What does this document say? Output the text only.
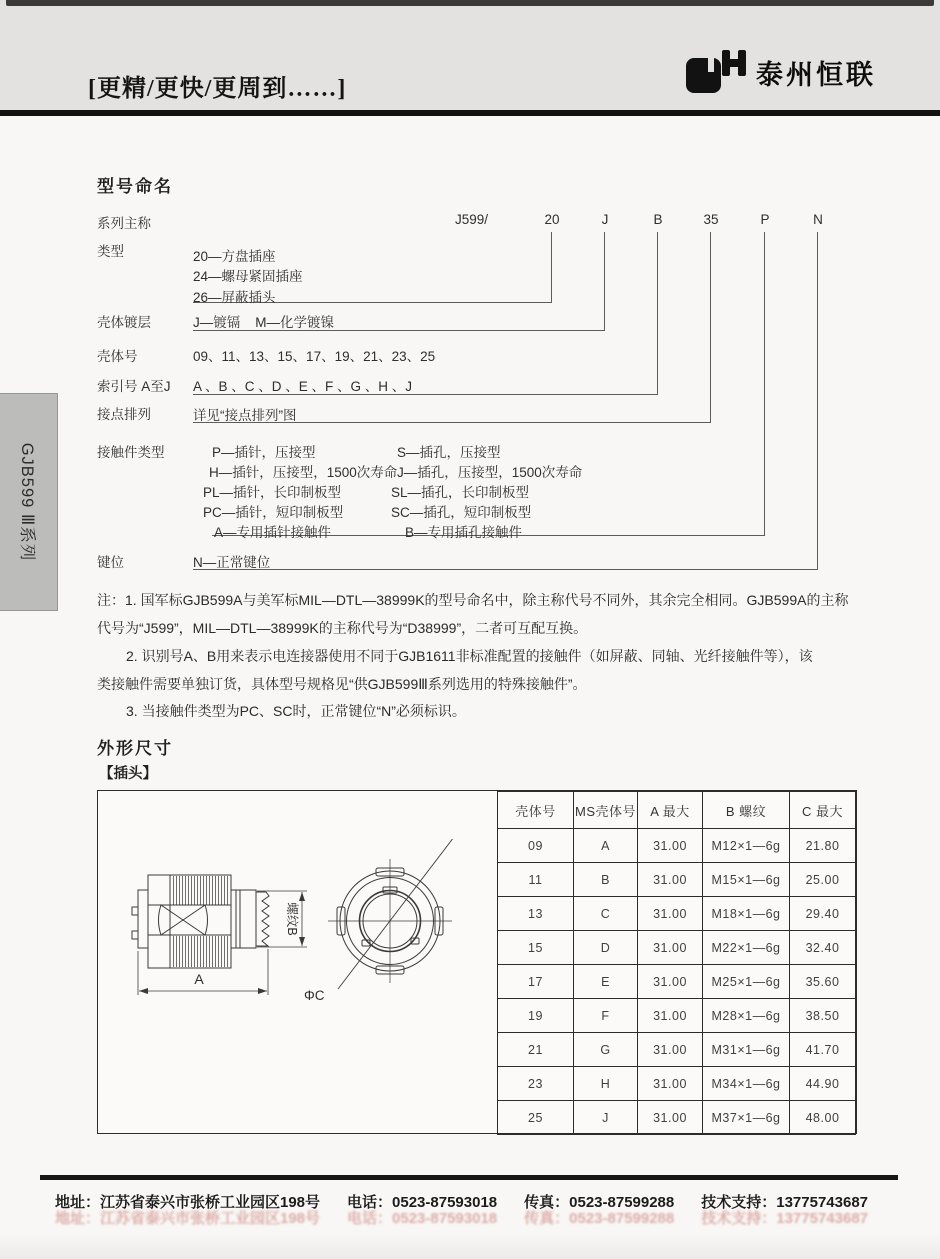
[更精/更快/更周到……]	泰州恒联
GJB599 Ⅲ系列
型号命名
系列主称	J599/	20	J	B	35	P	N
类型	20—方盘插座
24—螺母紧固插座
26—屏蔽插头
壳体镀层	J—镀镉    M—化学镀镍
壳体号	09、11、13、15、17、19、21、23、25
索引号 A至J A 、B 、C 、D 、E 、F 、G 、H 、J
接点排列	详见“接点排列”图
接触件类型	P—插针，压接型	S—插孔，压接型
H—插针，压接型，1500次寿命 J—插孔，压接型，1500次寿命
PL—插针，长印制板型	SL—插孔，长印制板型
PC—插针，短印制板型	SC—插孔，短印制板型
A—专用插针接触件	B—专用插孔接触件
键位	N—正常键位
注：1. 国军标GJB599A与美军标MIL—DTL—38999K的型号命名中，除主称代号不同外，其余完全相同。GJB599A的主称
代号为“J599”，MIL—DTL—38999K的主称代号为“D38999”，二者可互配互换。
2. 识别号A、B用来表示电连接器使用不同于GJB1611非标准配置的接触件（如屏蔽、同轴、光纤接触件等），该
类接触件需要单独订货，具体型号规格见“供GJB599Ⅲ系列选用的特殊接触件”。
3. 当接触件类型为PC、SC时，正常键位“N”必须标识。
外形尺寸
【插头】
A
螺纹B
ΦC
壳体号	MS壳体号	A 最大	B 螺纹	C 最大
09	A	31.00	M12×1—6g	21.80
11	B	31.00	M15×1—6g	25.00
13	C	31.00	M18×1—6g	29.40
15	D	31.00	M22×1—6g	32.40
17	E	31.00	M25×1—6g	35.60
19	F	31.00	M28×1—6g	38.50
21	G	31.00	M31×1—6g	41.70
23	H	31.00	M34×1—6g	44.90
25	J	31.00	M37×1—6g	48.00
地址：江苏省泰兴市张桥工业园区198号 电话：0523-87593018 传真：0523-87599288 技术支持：13775743687
地址：江苏省泰兴市张桥工业园区198号 电话：0523-87593018 传真：0523-87599288 技术支持：13775743687
